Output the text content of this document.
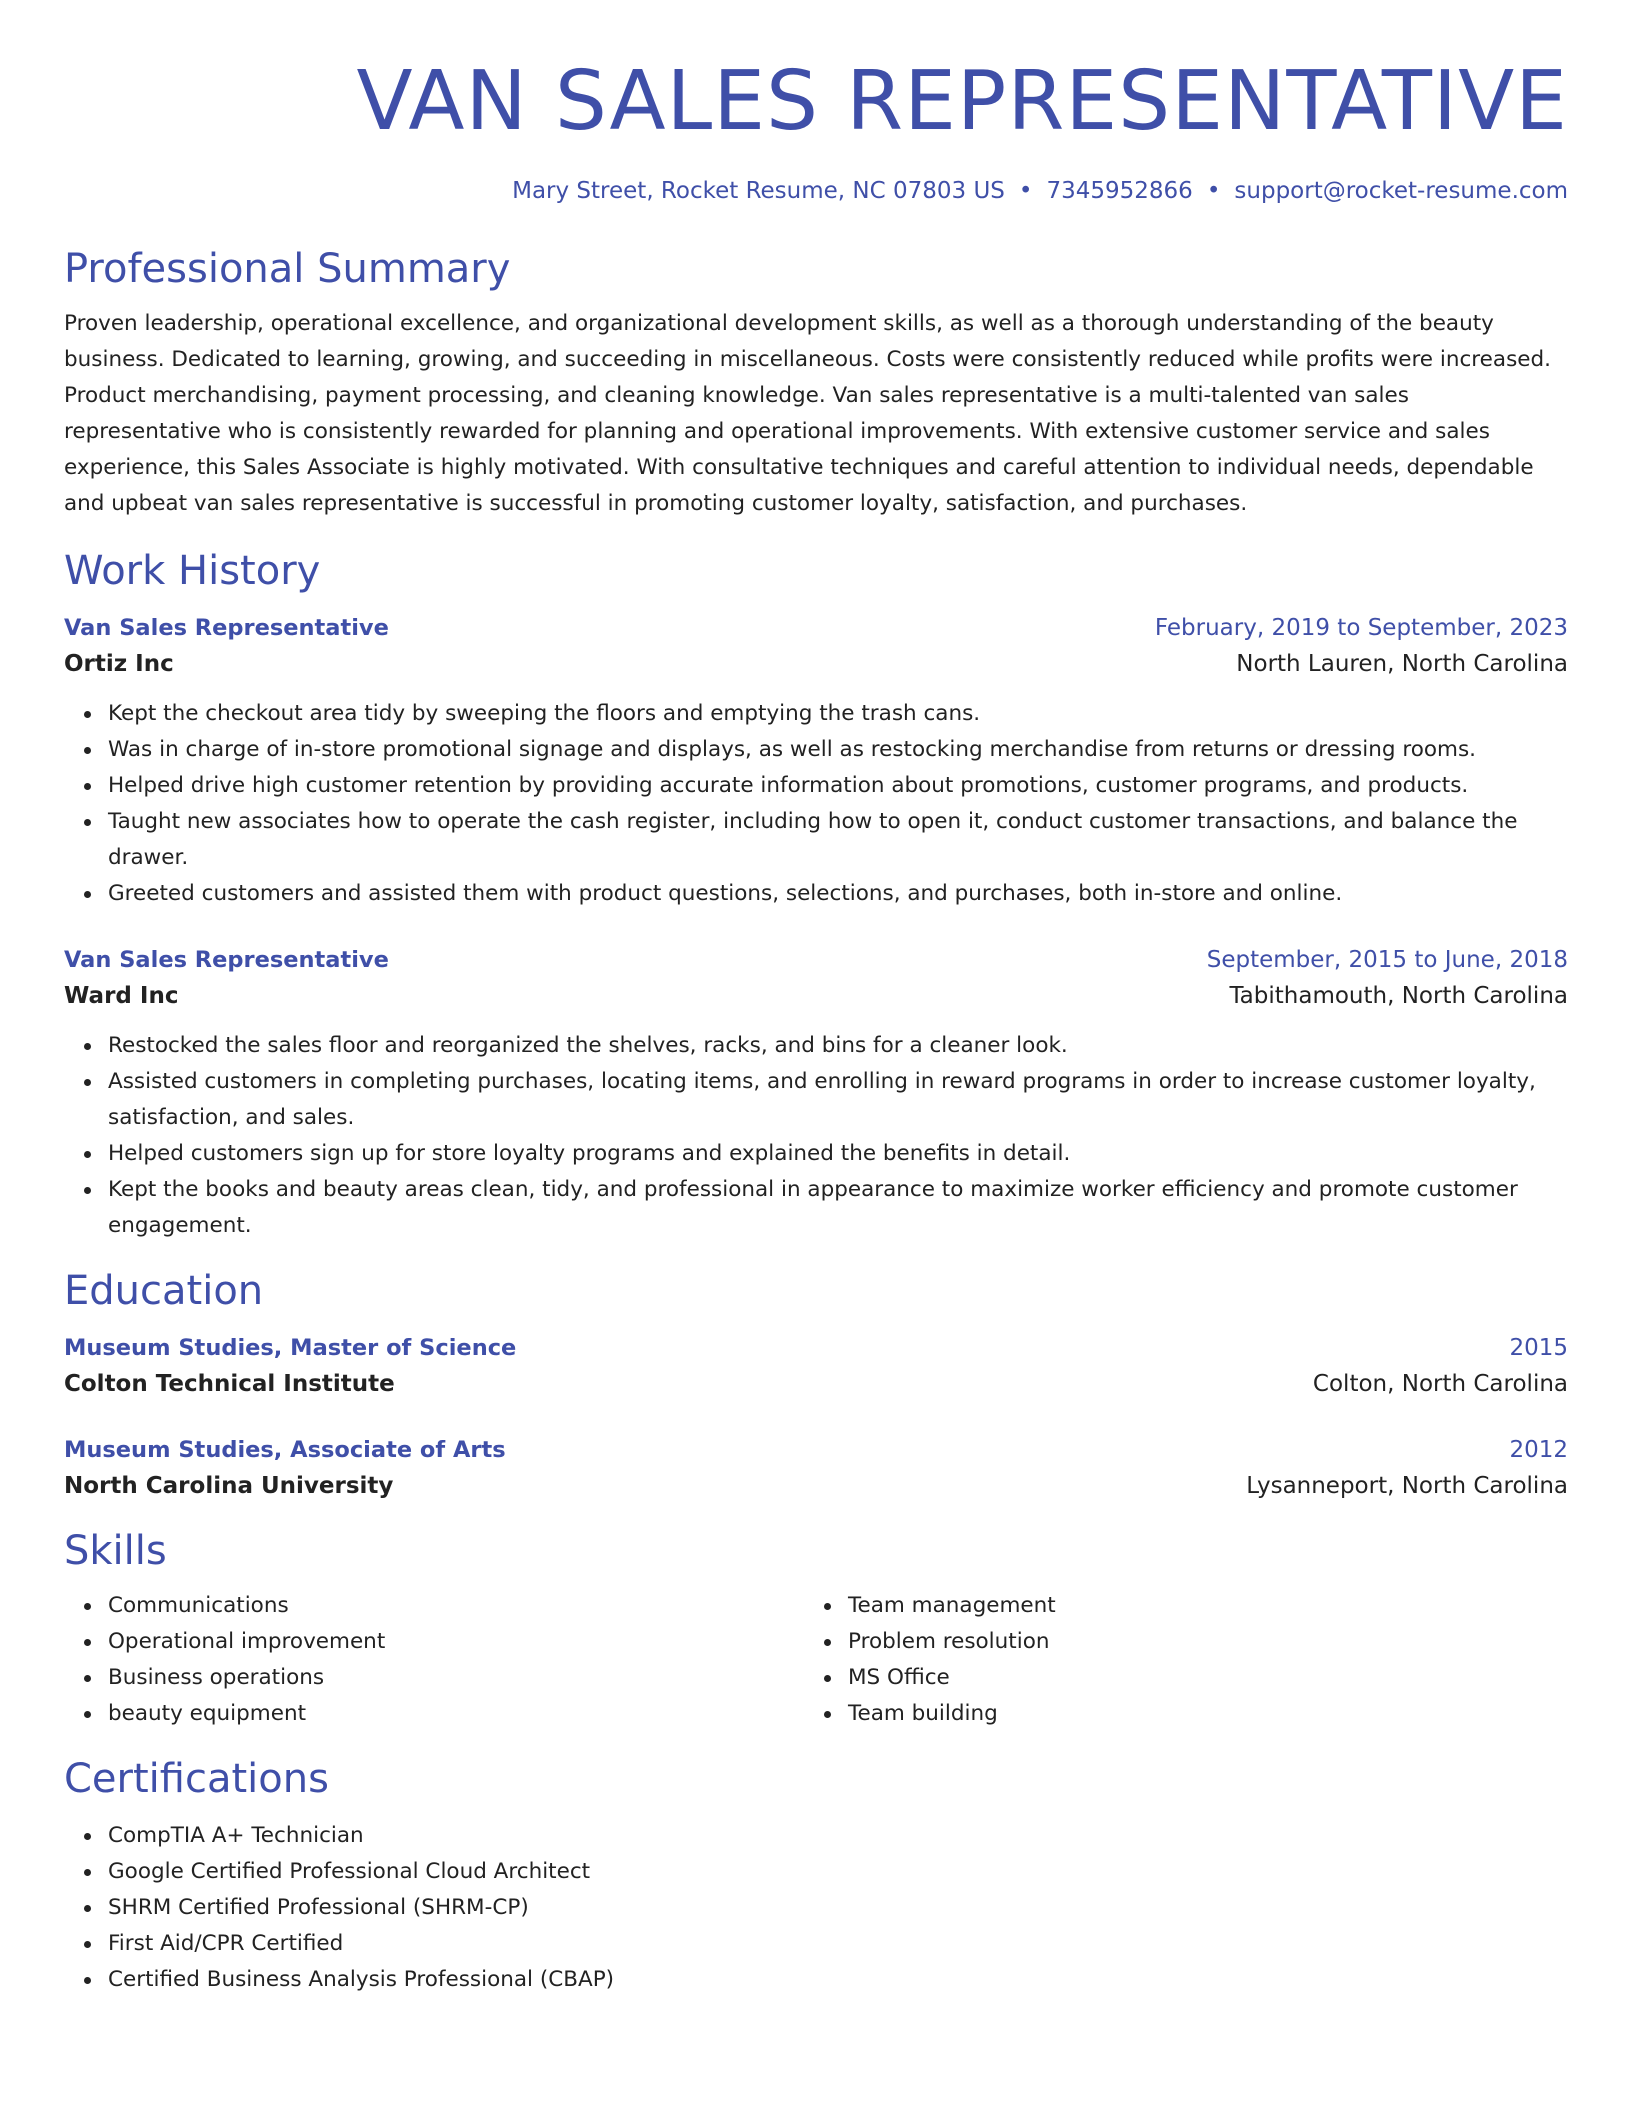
VAN SALES REPRESENTATIVE
Mary Street, Rocket Resume, NC 07803 US • 7345952866 • support@rocket-resume.com
Professional Summary
Proven leadership, operational excellence, and organizational development skills, as well as a thorough understanding of the beauty business. Dedicated to learning, growing, and succeeding in miscellaneous. Costs were consistently reduced while profits were increased. Product merchandising, payment processing, and cleaning knowledge. Van sales representative is a multi-talented van sales representative who is consistently rewarded for planning and operational improvements. With extensive customer service and sales experience, this Sales Associate is highly motivated. With consultative techniques and careful attention to individual needs, dependable and upbeat van sales representative is successful in promoting customer loyalty, satisfaction, and purchases.
Work History
Van Sales Representative	February, 2019 to September, 2023
Ortiz Inc	North Lauren, North Carolina
Kept the checkout area tidy by sweeping the floors and emptying the trash cans.
Was in charge of in-store promotional signage and displays, as well as restocking merchandise from returns or dressing rooms.
Helped drive high customer retention by providing accurate information about promotions, customer programs, and products.
Taught new associates how to operate the cash register, including how to open it, conduct customer transactions, and balance the drawer.
Greeted customers and assisted them with product questions, selections, and purchases, both in-store and online.
Van Sales Representative	September, 2015 to June, 2018
Ward Inc	Tabithamouth, North Carolina
Restocked the sales floor and reorganized the shelves, racks, and bins for a cleaner look.
Assisted customers in completing purchases, locating items, and enrolling in reward programs in order to increase customer loyalty, satisfaction, and sales.
Helped customers sign up for store loyalty programs and explained the benefits in detail.
Kept the books and beauty areas clean, tidy, and professional in appearance to maximize worker efficiency and promote customer engagement.
Education
Museum Studies, Master of Science	2015
Colton Technical Institute	Colton, North Carolina
Museum Studies, Associate of Arts	2012
North Carolina University	Lysanneport, North Carolina
Skills
Communications
Operational improvement
Business operations
beauty equipment
Team management
Problem resolution
MS Office
Team building
Certifications
CompTIA A+ Technician
Google Certified Professional Cloud Architect
SHRM Certified Professional (SHRM-CP)
First Aid/CPR Certified
Certified Business Analysis Professional (CBAP)
